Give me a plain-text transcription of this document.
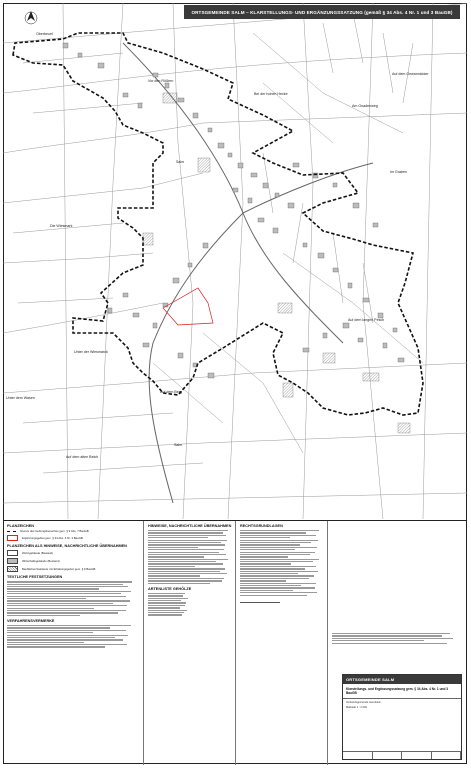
ORTSGEMEINDE SALM – KLARSTELLUNGS- UND ERGÄNZUNGSSATZUNG (gemäß § 34 Abs. 4 Nr. 1 und 3 BauGB)
Oberbeuel
Vor den Rößern
Auf dem Gewannäcker
Bei der hohen Hecke
Am Gnadenweg
Im Graben
Salm
Die Wiesmark
Auf dem langen Pesch
Unter der Wiesmarck
Auf dem Berg
Unter dem Wasen
Salm
Auf dem alten Beich
PLANZEICHEN
Grenze des Geltungsbereiches gem. § 9 Abs. 7 BauGB
Ergänzungsgebiet gem. § 34 Abs. 4 Nr. 3 BauGB
PLANZEICHEN ALS HINWEISE, NACHRICHTLICHE ÜBERNAHMEN
Wohngebäude (Bestand)
Wirtschaftsgebäude (Bestand)
Bauflächen/Gebäude mit Erhaltungsgebot gem. § 9 BauGB
TEXTLICHE FESTSETZUNGEN
VERFAHRENSVERMERKE
HINWEISE, NACHRICHTLICHE ÜBERNAHMEN
ARTENLISTE GEHÖLZE
RECHTSGRUNDLAGEN
ORTSGEMEINDE SALM
Klarstellungs- und Ergänzungssatzung gem. § 34 Abs. 4 Nr. 1 und 3 BauGB
Verbandsgemeinde Gerolstein
Maßstab 1 : 2.000
